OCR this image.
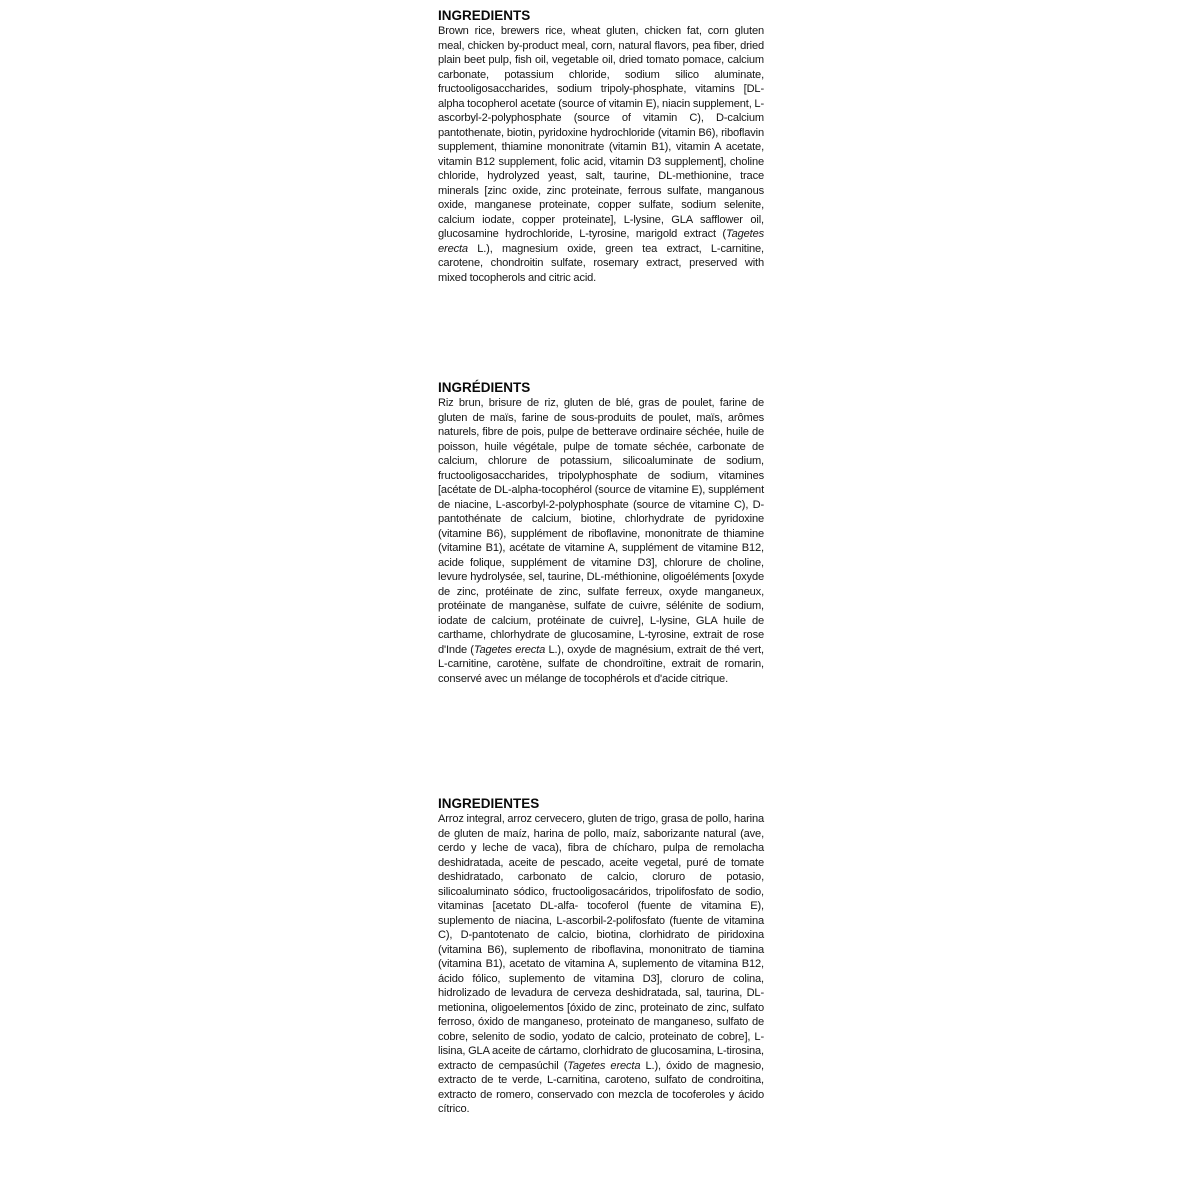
INGREDIENTS

Brown rice, brewers rice, wheat gluten, chicken fat, corn gluten meal, chicken by-product meal, corn, natural flavors, pea fiber, dried plain beet pulp, fish oil, vegetable oil, dried tomato pomace, calcium carbonate, potassium chloride, sodium silico aluminate, fructooligosaccharides, sodium tripoly-phosphate, vitamins [DL-alpha tocopherol acetate (source of vitamin E), niacin supplement, L-ascorbyl-2-polyphosphate (source of vitamin C), D-calcium pantothenate, biotin, pyridoxine hydrochloride (vitamin B6), riboflavin supplement, thiamine mononitrate (vitamin B1), vitamin A acetate, vitamin B12 supplement, folic acid, vitamin D3 supplement], choline chloride, hydrolyzed yeast, salt, taurine, DL-methionine, trace minerals [zinc oxide, zinc proteinate, ferrous sulfate, manganous oxide, manganese proteinate, copper sulfate, sodium selenite, calcium iodate, copper proteinate], L-lysine, GLA safflower oil, glucosamine hydrochloride, L-tyrosine, marigold extract (Tagetes erecta L.), magnesium oxide, green tea extract, L-carnitine, carotene, chondroitin sulfate, rosemary extract, preserved with mixed tocopherols and citric acid.

INGRÉDIENTS

Riz brun, brisure de riz, gluten de blé, gras de poulet, farine de gluten de maïs, farine de sous-produits de poulet, maïs, arômes naturels, fibre de pois, pulpe de betterave ordinaire séchée, huile de poisson, huile végétale, pulpe de tomate séchée, carbonate de calcium, chlorure de potassium, silicoaluminate de sodium, fructooligosaccharides, tripolyphosphate de sodium, vitamines [acétate de DL-alpha-tocophérol (source de vitamine E), supplément de niacine, L-ascorbyl-2-polyphosphate (source de vitamine C), D-pantothénate de calcium, biotine, chlorhydrate de pyridoxine (vitamine B6), supplément de riboflavine, mononitrate de thiamine (vitamine B1), acétate de vitamine A, supplément de vitamine B12, acide folique, supplément de vitamine D3], chlorure de choline, levure hydrolysée, sel, taurine, DL-méthionine, oligoéléments [oxyde de zinc, protéinate de zinc, sulfate ferreux, oxyde manganeux, protéinate de manganèse, sulfate de cuivre, sélénite de sodium, iodate de calcium, protéinate de cuivre], L-lysine, GLA huile de carthame, chlorhydrate de glucosamine, L-tyrosine, extrait de rose d'Inde (Tagetes erecta L.), oxyde de magnésium, extrait de thé vert, L-carnitine, carotène, sulfate de chondroïtine, extrait de romarin, conservé avec un mélange de tocophérols et d'acide citrique.

INGREDIENTES

Arroz integral, arroz cervecero, gluten de trigo, grasa de pollo, harina de gluten de maíz, harina de pollo, maíz, saborizante natural (ave, cerdo y leche de vaca), fibra de chícharo, pulpa de remolacha deshidratada, aceite de pescado, aceite vegetal, puré de tomate deshidratado, carbonato de calcio, cloruro de potasio, silicoaluminato sódico, fructooligosacáridos, tripolifosfato de sodio, vitaminas [acetato DL-alfa- tocoferol (fuente de vitamina E), suplemento de niacina, L-ascorbil-2-polifosfato (fuente de vitamina C), D-pantotenato de calcio, biotina, clorhidrato de piridoxina (vitamina B6), suplemento de riboflavina, mononitrato de tiamina (vitamina B1), acetato de vitamina A, suplemento de vitamina B12, ácido fólico, suplemento de vitamina D3], cloruro de colina, hidrolizado de levadura de cerveza deshidratada, sal, taurina, DL-metionina, oligoelementos [óxido de zinc, proteinato de zinc, sulfato ferroso, óxido de manganeso, proteinato de manganeso, sulfato de cobre, selenito de sodio, yodato de calcio, proteinato de cobre], L-lisina, GLA aceite de cártamo, clorhidrato de glucosamina, L-tirosina, extracto de cempasúchil (Tagetes erecta L.), óxido de magnesio, extracto de te verde, L-carnitina, caroteno, sulfato de condroitina, extracto de romero, conservado con mezcla de tocoferoles y ácido cítrico.
